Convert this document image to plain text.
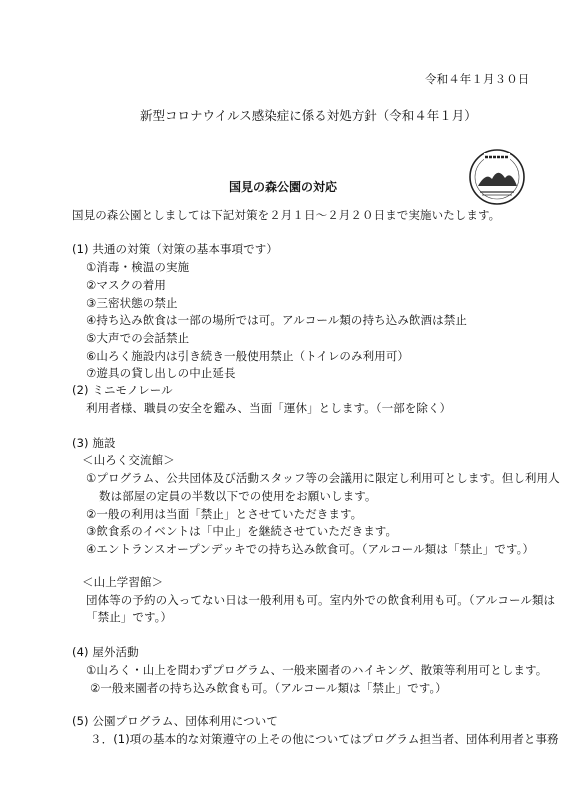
令和４年１月３０日
新型コロナウイルス感染症に係る対処方針（令和４年１月）
国見の森公園の対応
国見の森公園としましては下記対策を２月１日～２月２０日まで実施いたします。
(1) 共通の対策（対策の基本事項です）
①消毒・検温の実施
②マスクの着用
③三密状態の禁止
④持ち込み飲食は一部の場所では可。アルコール類の持ち込み飲酒は禁止
⑤大声での会話禁止
⑥山ろく施設内は引き続き一般使用禁止（トイレのみ利用可）
⑦遊具の貸し出しの中止延長
(2) ミニモノレール
利用者様、職員の安全を鑑み、当面「運休」とします。（一部を除く）
(3) 施設
＜山ろく交流館＞
①プログラム、公共団体及び活動スタッフ等の会議用に限定し利用可とします。但し利用人
数は部屋の定員の半数以下での使用をお願いします。
②一般の利用は当面「禁止」とさせていただきます。
③飲食系のイベントは「中止」を継続させていただきます。
④エントランスオープンデッキでの持ち込み飲食可。（アルコール類は「禁止」です。）
＜山上学習館＞
団体等の予約の入ってない日は一般利用も可。室内外での飲食利用も可。（アルコール類は
「禁止」です。）
(4) 屋外活動
①山ろく・山上を問わずプログラム、一般来園者のハイキング、散策等利用可とします。
②一般来園者の持ち込み飲食も可。（アルコール類は「禁止」です。）
(5) 公園プログラム、団体利用について
３．(1)項の基本的な対策遵守の上その他についてはプログラム担当者、団体利用者と事務
